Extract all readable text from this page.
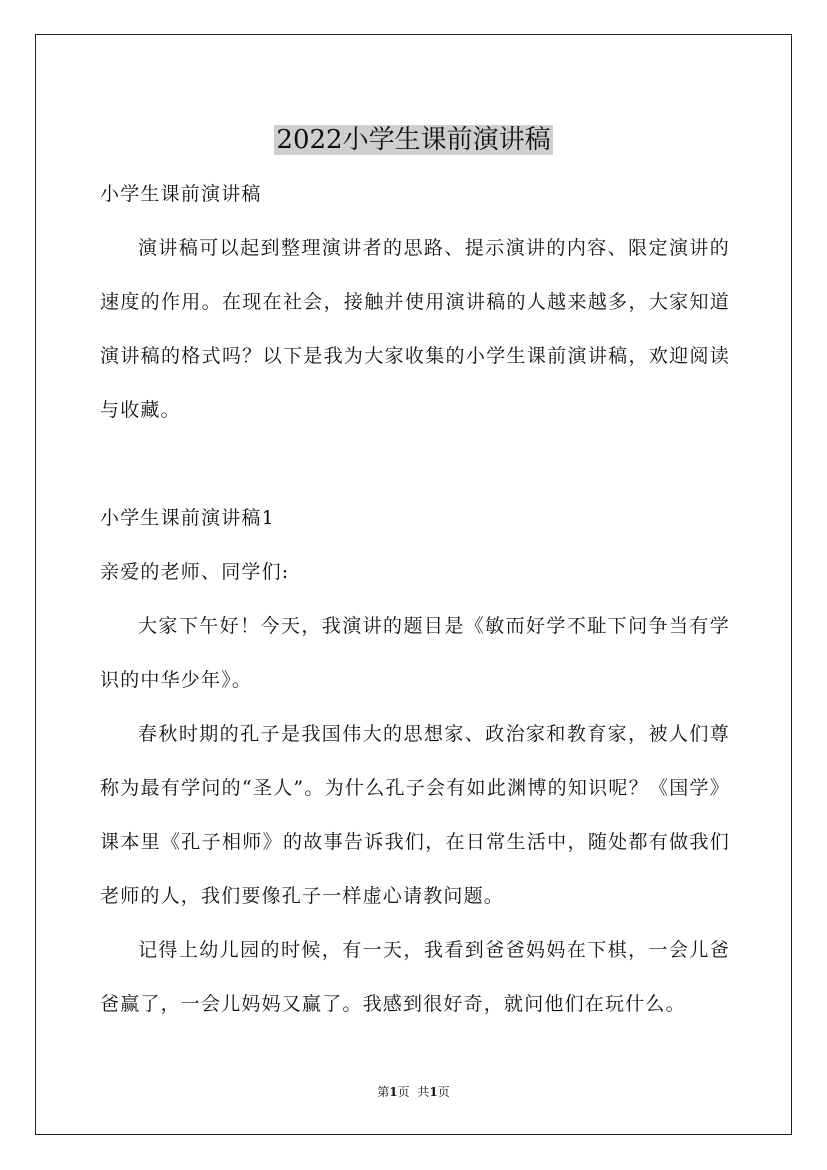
2022小学生课前演讲稿

小学生课前演讲稿

演讲稿可以起到整理演讲者的思路、提示演讲的内容、限定演讲的速度的作用。在现在社会，接触并使用演讲稿的人越来越多，大家知道演讲稿的格式吗？以下是我为大家收集的小学生课前演讲稿，欢迎阅读与收藏。

小学生课前演讲稿1

亲爱的老师、同学们:

大家下午好！今天，我演讲的题目是《敏而好学不耻下问争当有学识的中华少年》。

春秋时期的孔子是我国伟大的思想家、政治家和教育家，被人们尊称为最有学问的“圣人”。为什么孔子会有如此渊博的知识呢？《国学》课本里《孔子相师》的故事告诉我们，在日常生活中，随处都有做我们老师的人，我们要像孔子一样虚心请教问题。

记得上幼儿园的时候，有一天，我看到爸爸妈妈在下棋，一会儿爸爸赢了，一会儿妈妈又赢了。我感到很好奇，就问他们在玩什么。

第1页 共1页
